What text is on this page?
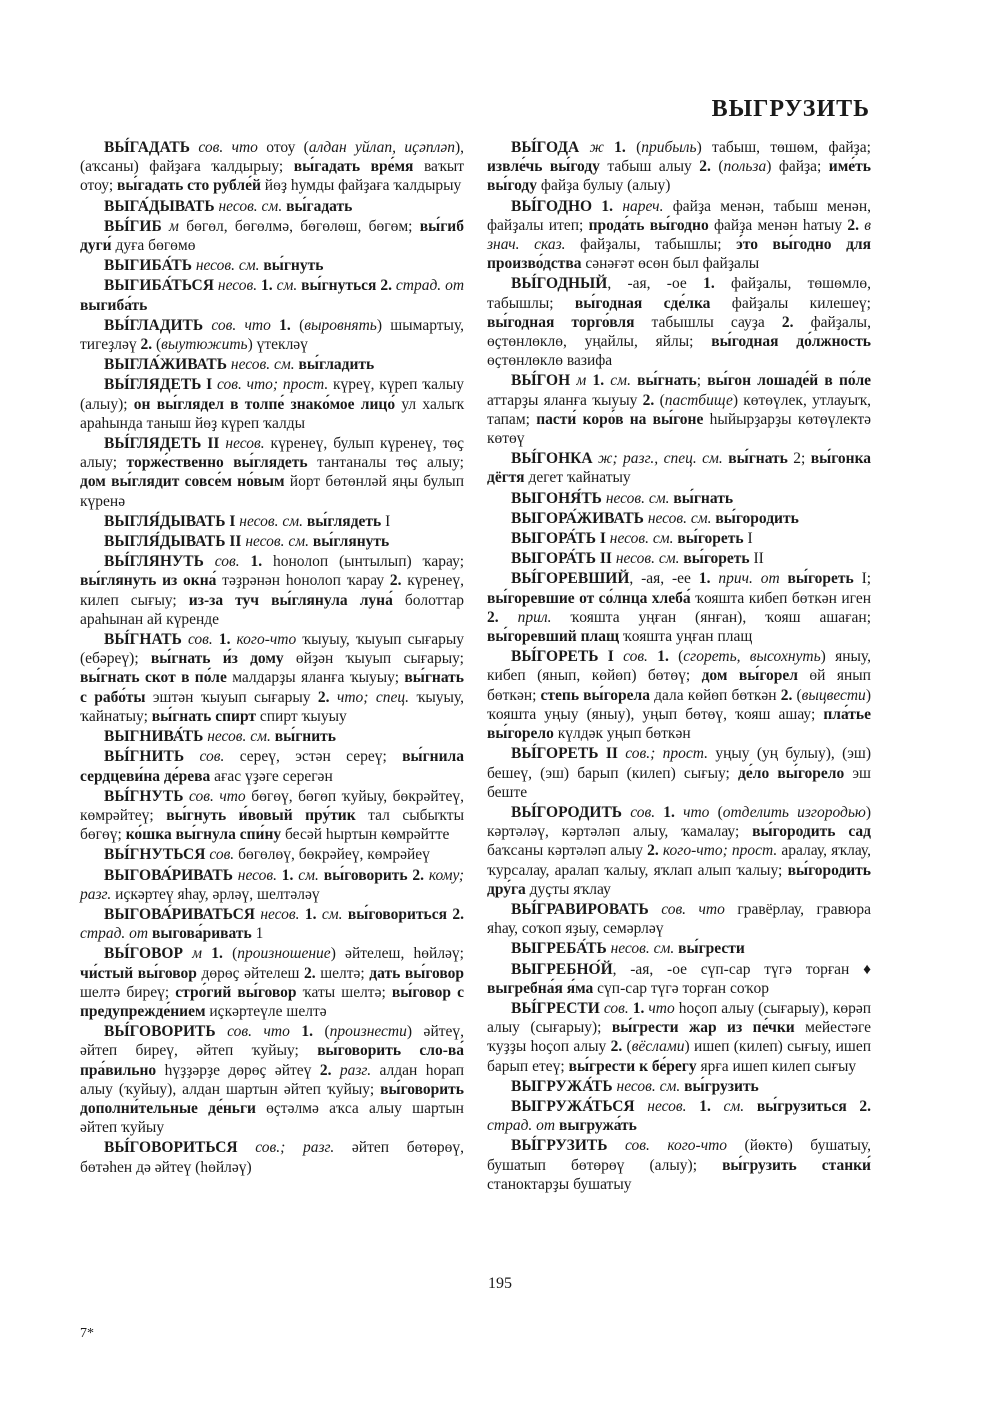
ВЫГРУЗИТЬ

ВЫ́ГАДАТЬ сов. что отоу (алдан уйлап, иҫәпләп), (аҡсаны) файҙаға ҡалдырыу; вы́гадать вре́мя ваҡыт отоу; вы́гадать сто рубле́й йөҙ һумды файҙаға ҡалдырыу

ВЫГА́ДЫВАТЬ несов. см. вы́гадать

ВЫ́ГИБ м бөгөл, бөгөлмә, бөгөлөш, бөгөм; вы́гиб дуги́ дуға бөгөмө

ВЫГИБА́ТЬ несов. см. вы́гнуть

ВЫГИБА́ТЬСЯ несов. 1. см. вы́гнуться 2. страд. от выгиба́ть

ВЫ́ГЛАДИТЬ сов. что 1. (выровнять) шымартыу, тигеҙләү 2. (выутюжить) үтекләү

ВЫГЛА́ЖИВАТЬ несов. см. вы́гладить

ВЫ́ГЛЯДЕТЬ I сов. что; прост. күреү, күреп ҡалыу (алыу); он вы́глядел в толпе́ знако́мое лицо́ ул халыҡ араһында таныш йөҙ күреп ҡалды

ВЫ́ГЛЯДЕТЬ II несов. күренеү, булып күренеү, төҫ алыу; торже́ственно вы́глядеть тантаналы төҫ алыу; дом вы́глядит совсе́м но́вым йорт бөтөнләй яңы булып күренә

ВЫГЛЯ́ДЫВАТЬ I несов. см. вы́глядеть I

ВЫГЛЯ́ДЫВАТЬ II несов. см. вы́глянуть

ВЫ́ГЛЯНУТЬ сов. 1. һонолоп (ынтылып) ҡарау; вы́глянуть из окна́ тәҙрәнән һонолоп ҡарау 2. күренеү, килеп сығыу; из-за туч вы́глянула луна́ болоттар араһынан ай күренде

ВЫ́ГНАТЬ сов. 1. кого-что ҡыуыу, ҡыуып сығарыу (ебәреү); вы́гнать и́з дому өйҙән ҡыуып сығарыу; вы́гнать скот в по́ле малдарҙы яланға ҡыуыу; вы́гнать с рабо́ты эштән ҡыуып сығарыу 2. что; спец. ҡыуыу, ҡайнатыу; вы́гнать спирт спирт ҡыуыу

ВЫГНИВА́ТЬ несов. см. вы́гнить

ВЫ́ГНИТЬ сов. сереү, эстән сереү; вы́гнила сердцеви́на де́рева ағас үҙәге серегән

ВЫ́ГНУТЬ сов. что бөгөү, бөгөп ҡуйыу, бөкрәйтеү, көмрәйтеү; вы́гнуть и́вовый пру́тик тал сыбыҡты бөгөү; ко́шка вы́гнула спи́ну бесәй һыртын көмрәйтте

ВЫ́ГНУТЬСЯ сов. бөгөлөү, бөкрәйеү, көмрәйеү

ВЫГОВА́РИВАТЬ несов. 1. см. вы́говорить 2. кому; разг. иҫкәртеү яһау, әрләү, шелтәләү

ВЫГОВА́РИВАТЬСЯ несов. 1. см. вы́говориться 2. страд. от выгова́ривать 1

ВЫ́ГОВОР м 1. (произношение) әйтелеш, һөйләү; чи́стый вы́говор дөрөҫ әйтелеш 2. шелтә; дать вы́говор шелтә биреү; стро́гий вы́говор ҡаты шелтә; вы́говор с предупрежде́нием иҫкәртеүле шелтә

ВЫ́ГОВОРИТЬ сов. что 1. (произнести) әйтеү, әйтеп биреү, әйтеп ҡуйыу; вы́говорить сло-ва́ пра́вильно һүҙҙәрҙе дөрөҫ әйтеү 2. разг. алдан һорап алыу (ҡуйыу), алдан шартын әйтеп ҡуйыу; вы́говорить дополни́тельные де́ньги өҫтәлмә аҡса алыу шартын әйтеп ҡуйыу

ВЫ́ГОВОРИТЬСЯ сов.; разг. әйтеп бөтөрөү, бөтәһен дә әйтеү (һөйләү)

ВЫ́ГОДА ж 1. (прибыль) табыш, төшөм, файҙа; извле́чь вы́году табыш алыу 2. (польза) файҙа; име́ть вы́году файҙа булыу (алыу)

ВЫ́ГОДНО 1. нареч. файҙа менән, табыш менән, файҙалы итеп; прода́ть вы́годно файҙа менән һатыу 2. в знач. сказ. файҙалы, табышлы; э́то вы́годно для произво́дства сәнәғәт өсөн был файҙалы

ВЫ́ГОДНЫЙ, -ая, -ое 1. файҙалы, төшөмлө, табышлы; вы́годная сде́лка файҙалы килешеү; вы́годная торго́вля табышлы сауҙа 2. файҙалы, өҫтөнлөклө, уңайлы, яйлы; вы́годная до́лжность өҫтөнлөклө вазифа

ВЫ́ГОН м 1. см. вы́гнать; вы́гон лошаде́й в по́ле аттарҙы яланға ҡыуыу 2. (пастбище) көтөүлек, утлауыҡ, тапам; пасти́ коро́в на вы́гоне һыйырҙарҙы көтөүлектә көтөү

ВЫ́ГОНКА ж; разг., спец. см. вы́гнать 2; вы́гонка дёгтя дегет ҡайнатыу

ВЫГОНЯ́ТЬ несов. см. вы́гнать

ВЫГОРА́ЖИВАТЬ несов. см. вы́городить

ВЫГОРА́ТЬ I несов. см. вы́гореть I

ВЫГОРА́ТЬ II несов. см. вы́гореть II

ВЫ́ГОРЕВШИЙ, -ая, -ее 1. прич. от вы́гореть I; вы́горевшие от со́лнца хлеба́ ҡояшта кибеп бөткән иген 2. прил. ҡояшта уңған (янған), ҡояш ашаған; вы́горевший плащ ҡояшта уңған плащ

ВЫ́ГОРЕТЬ I сов. 1. (сгореть, высохнуть) яныу, кибеп (янып, көйөп) бөтөү; дом вы́горел өй янып бөткән; степь вы́горела дала көйөп бөткән 2. (выцвести) ҡояшта уңыу (яныу), уңып бөтөү, ҡояш ашау; пла́тье вы́горело күлдәк уңып бөткән

ВЫ́ГОРЕТЬ II сов.; прост. уңыу (уң булыу), (эш) бешеү, (эш) барып (килеп) сығыу; де́ло вы́горело эш беште

ВЫ́ГОРОДИТЬ сов. 1. что (отделить изгородью) кәртәләү, кәртәләп алыу, ҡамалау; вы́городить сад баҡсаны кәртәләп алыу 2. кого-что; прост. аралау, яҡлау, ҡурсалау, аралап ҡалыу, яҡлап алып ҡалыу; вы́городить дру́га дуҫты яҡлау

ВЫ́ГРАВИРОВАТЬ сов. что гравёрлау, гравюра яһау, соҡоп яҙыу, семәрләү

ВЫГРЕБА́ТЬ несов. см. вы́грести

ВЫГРЕБНО́Й, -ая, -ое сүп-сар түгә торған ♦ выгребна́я я́ма сүп-сар түгә торған соҡор

ВЫ́ГРЕСТИ сов. 1. что һоҫоп алыу (сығарыу), көрәп алыу (сығарыу); вы́грести жар из пе́чки мейестәге ҡуҙҙы һоҫоп алыу 2. (вёслами) ишеп (килеп) сығыу, ишеп барып етеү; вы́грести к бе́регу ярға ишеп килеп сығыу

ВЫГРУЖА́ТЬ несов. см. вы́грузить

ВЫГРУЖА́ТЬСЯ несов. 1. см. вы́грузиться 2. страд. от выгружа́ть

ВЫ́ГРУЗИТЬ сов. кого-что (йөктө) бушатыу, бушатып бөтөрөү (алыу); вы́грузить станки́ станоктарҙы бушатыу

195
7*
